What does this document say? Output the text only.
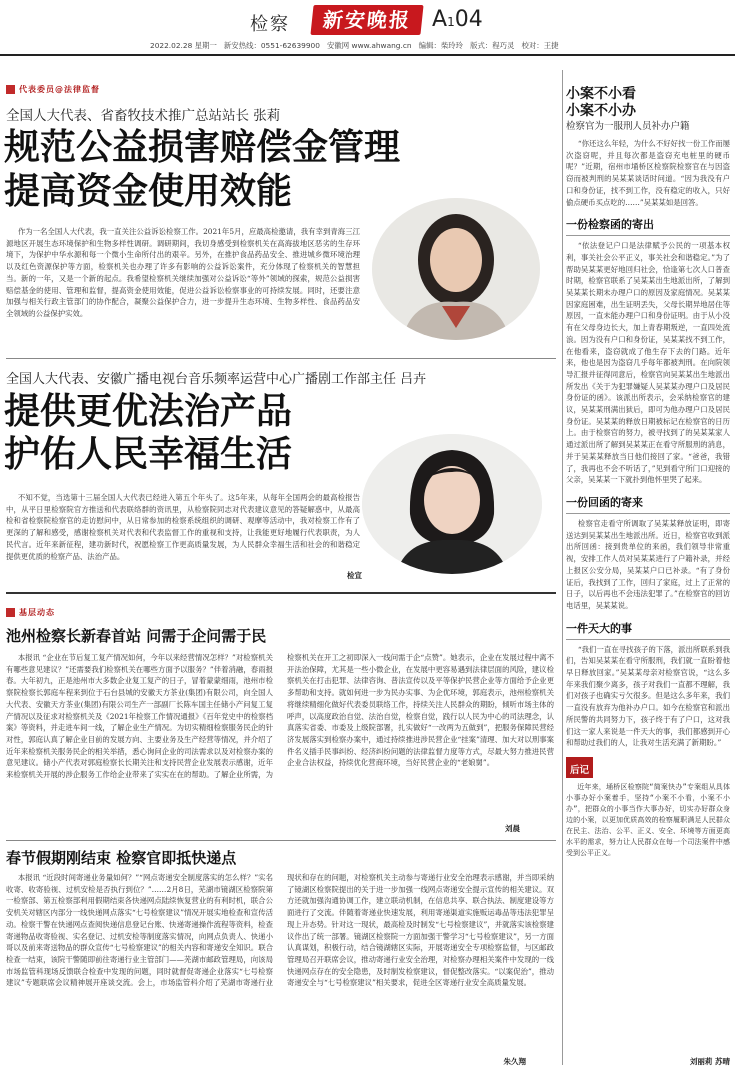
检察	新安晚报 A104
2022.02.28 星期一 新安热线：0551-62639900 安徽网 www.ahwang.cn 编辑：柴玲玲 版式：程巧灵 校对：王捷
代表委员@法律监督
全国人大代表、省畜牧技术推广总站站长 张莉
规范公益损害赔偿金管理
提高资金使用效能
作为一名全国人大代表，我一直关注公益诉讼检察工作。2021年5月，应最高检邀请，我有幸到青海三江源地区开展生态环境保护和生物多样性调研。调研期间，我切身感受到检察机关在高海拔地区恶劣的生存环境下，为保护中华水源和每一个微小生命所付出的艰辛。另外，在推护食品药品安全、推进城乡微环境治理以及红色资源保护等方面，检察机关也办理了许多有影响的公益诉讼案件，充分体现了检察机关的智慧担当。新的一年，又是一个新的起点。我希望检察机关继续加强对公益诉讼“等外”领域的探索，规范公益损害赔偿基金的使用、管理和监督，提高资金使用效能，促进公益诉讼检察事业的可持续发展。同时，还要注意加强与相关行政主管部门的协作配合，凝聚公益保护合力，进一步提升生态环境、生物多样性、食品药品安全领域的公益保护实效。
全国人大代表、安徽广播电视台音乐频率运营中心广播剧工作部主任 吕卉
提供更优法治产品
护佑人民幸福生活
不知不觉，当选第十三届全国人大代表已经进入第五个年头了。这5年来，从每年全国两会的最高检报告中，从平日里检察院官方推送和代表联络群的资讯里，从检察院同志对代表建议意见的答疑解惑中，从最高检和省检察院检察官的走访慰问中，从日常参加的检察系统组织的调研、观摩等活动中，我对检察工作有了更深的了解和感受，感谢检察机关对代表和代表监督工作的重视和支持，让我能更好地履行代表职责，为人民代言。近年来新征程，建功新时代，祝愿检察工作更高质量发展，为人民群众幸福生活和社会的和谐稳定提供更优质的检察产品、法治产品。
检宣
基层动态
池州检察长新春首站 问需于企问需于民
本报讯 “企业在节后复工复产情况如何，今年以来经营情况怎样？”对检察机关有哪些意见建议？”还需要我们检察机关在哪些方面予以服务？”伴着消融，春雨报春。大年初九，正是池州市大多数企业复工复产的日子，冒着蒙蒙细雨，池州市检察院检察长郭庭车程来到位于石台县城的安徽天方茶业(集团)有限公司，向全国人大代表、安徽天方茶业(集团)有限公司生产一部副厂长陈车国主任储小产问复工复产情况以及征求对检察机关及《2021年检察工作情况通报》《百年党史中的检察档案》等资料，并走进车间一线，了解企业生产情况。为切实精细检察服务民企的针对性，郭庭认真了解企业目前的发展方向、主要业务及生产经营等情况，并介绍了近年来检察机关服务民企的相关举措，悉心询问企业的司法需求以及对检察办案的意见建议。储小产代表对郭庭检察长长期关注和支持民营企业发展表示感谢，近年来检察机关开展的涉企服务工作给企业带来了实实在在的帮助。了解企业所需，为检察机关在开工之初即深入一线问需于企“点赞”。她表示，企业在发展过程中离不开法治保障，尤其是一些小微企业，在发展中更容易遇到法律层面的风险，建议检察机关在打击犯罪、法律咨询、普法宣传以及平等保护民营企业等方面给予企业更多帮助和支持。就如何进一步为民办实事、为企优环境，郭庭表示，池州检察机关将继续精细化做好代表委员联络工作，持续关注人民群众的期盼，倾听市场主体的呼声，以高度政治自觉、法治自觉，检察自觉，践行以人民为中心的司法理念，认真落实省委、市委及上级院部署，扎实做好“一改两为五做到”，把服务保障民营经济发展落实到检察办案中，通过持续推进涉民营企业“挂案”清理、加大对以刑事案件名义插手民事纠纷、经济纠纷问题的法律监督力度等方式，尽最大努力推进民营企业合法权益，持续优化营商环境，当好民营企业的“老娘舅”。
刘晨
春节假期刚结束 检察官即抵快递点
本报讯 “近段时间寄递业务量如何？”“网点寄递安全制度落实的怎么样？”实名收寄、收寄验视、过机安检是否执行到位？”……2月8日，芜湖市镜湖区检察院第一检察部、第五检察部利用假期结束各快递网点陆续恢复营业的有利时机，联合公安机关对辖区内部分一线快递网点落实“七号检察建议”情况开展实地检查和宣传活动。检察干警在快递网点查阅快递信息登记台账、快递寄递操作流程等资料，检查寄递物品收寄验视、实名登记、过机安检等制度落实情况，向网点负责人、快递小哥以及前来寄送物品的群众宣传“七号检察建议”的相关内容和寄递安全知识。联合检查一结束，该院干警随即前往寄递行业主管部门——芜湖市邮政管理局，向该局市场监管科现场反馈联合检查中发现的问题，同时就督促寄递企业落实“七号检察建议”专题联席会议精神展开座谈交流。会上，市场监管科介绍了芜湖市寄递行业现状和存在的问题，对检察机关主动参与寄递行业安全治理表示感谢，并当即采纳了镜湖区检察院提出的关于进一步加强一线网点寄递安全提示宣传的相关建议。双方还就加强沟通协调工作，建立联动机制，在信息共享、联合执法、制度建设等方面进行了交流。伴随着寄递业快速发展，利用寄递渠道实施贩运毒品等违法犯罪呈现上升态势。针对这一现状，最高检及时制发“七号检察建议”，并就落实该检察建议作出了统一部署。镜湖区检察院一方面加强干警学习“七号检察建议”，另一方面认真谋划，积极行动，结合镜湖辖区实际，开展寄递安全专项检察监督，与区邮政管理局召开联席会议，推动寄递行业安全治理，对检察办理相关案件中发现的一线快递网点存在的安全隐患，及时制发检察建议，督促整改落实。“以案促治”，推动寄递安全与“七号检察建议”相关要求，促进全区寄递行业安全高质量发展。
朱久翔
小案不小看
小案不小办
检察官为一服刑人员补办户籍
“你还这么年轻，为什么不好好找一份工作而屡次盗窃呢，并且每次都是盗窃充电桩里的硬币呢？”近期，宿州市埇桥区检察院检察官在与因盗窃而被判刑的吴某某谈话时问道。“因为我没有户口和身份证，找不到工作，没有稳定的收入，只好偷点硬币买点吃的……”吴某某如是回答。
一份检察函的寄出
“依法登记户口是法律赋予公民的一项基本权利，事关社会公平正义，事关社会和谐稳定。”为了帮助吴某某更好地回归社会，恰逢第七次人口普查时期，检察官联系了吴某某出生地派出所，了解到吴某某长期未办理户口的原因及家庭情况。吴某某因家庭困难，出生证明丢失，父母长期异地居住等原因，一直未能办理户口和身份证明。由于从小没有在父母身边长大，加上青春期叛逆，一直四处流浪。因为没有户口和身份证，吴某某找不到工作，在他看来，盗窃就成了他生存下去的门路。近年来，他也是因为盗窃几乎每年都被判刑。在向院领导汇报并征得同意后，检察官向吴某某出生地派出所发出《关于为犯罪嫌疑人吴某某办理户口及居民身份证的函》。该派出所表示，会采纳检察官的建议，吴某某刑满出狱后，即可为他办理户口及居民身份证。吴某某的释放日期被标记在检察官的日历上。由于检察官的努力，被寻找到了的吴某某家人通过派出所了解到吴某某正在看守所服刑的消息，并于吴某某释放当日他们接回了家。“爸爸，我错了，我再也不会不听话了，”见到看守所门口迎接的父亲，吴某某一下就扑到他怀里哭了起来。
一份回函的寄来
检察官走看守所调取了吴某某释放证明，即寄送达到吴某某出生地派出所。近日，检察官收到派出所回函：接到贵单位的来函，我们领导非常重视，安排工作人员对吴某某进行了户籍补录，并经上报区公安分局，吴某某户口已补录。“有了身份证后，我找到了工作，回归了家庭，过上了正常的日子，以后再也不会违法犯罪了。”在检察官的回访电话里，吴某某说。
一件天大的事
“我们一直在寻找孩子的下落，派出所联系到我们，告知吴某某在看守所服刑，我们就一直盼着他早日释放回家。”吴某某母亲对检察官说，“这么多年来我们聚少离多，孩子对我们一直都不理解，我们对孩子也确实亏欠很多。但是这么多年来，我们一直没有放弃为他补办户口。如今在检察官和派出所民警的共同努力下，孩子终于有了户口，这对我们这一家人来说是一件天大的事，我们都感到开心和帮助过我们的人，让我对生活充满了新期盼。”
后记
近年来，埇桥区检察院“简案快办”专案组从具体小事办好小案着手，坚持“小案不小看，小案不小办”，把群众的小事当作大事办好，切实办好群众身边的小案，以更加优质高效的检察履职满足人民群众在民主、法治、公平、正义、安全、环境等方面更高水平的需求，努力让人民群众在每一个司法案件中感受到公平正义。
刘丽莉 苏晴
